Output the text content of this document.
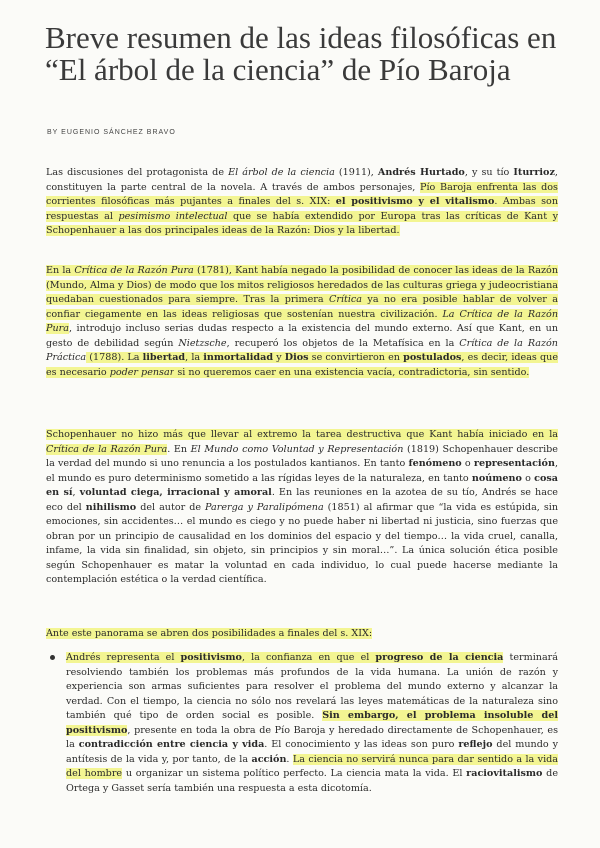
Breve resumen de las ideas filosóficas en “El árbol de la ciencia” de Pío Baroja
BY EUGENIO SÁNCHEZ BRAVO

Las discusiones del protagonista de El árbol de la ciencia (1911), Andrés Hurtado, y su tío Iturrioz, constituyen la parte central de la novela. A través de ambos personajes, Pío Baroja enfrenta las dos corrientes filosóficas más pujantes a finales del s. XIX: el positivismo y el vitalismo. Ambas son respuestas al pesimismo intelectual que se había extendido por Europa tras las críticas de Kant y Schopenhauer a las dos principales ideas de la Razón: Dios y la libertad.

En la Crítica de la Razón Pura (1781), Kant había negado la posibilidad de conocer las ideas de la Razón (Mundo, Alma y Dios) de modo que los mitos religiosos heredados de las culturas griega y judeocristiana quedaban cuestionados para siempre. Tras la primera Crítica ya no era posible hablar de volver a confiar ciegamente en las ideas religiosas que sostenían nuestra civilización. La Crítica de la Razón Pura, introdujo incluso serias dudas respecto a la existencia del mundo externo. Así que Kant, en un gesto de debilidad según Nietzsche, recuperó los objetos de la Metafísica en la Crítica de la Razón Práctica (1788). La libertad, la inmortalidad y Dios se convirtieron en postulados, es decir, ideas que es necesario poder pensar si no queremos caer en una existencia vacía, contradictoria, sin sentido.

Schopenhauer no hizo más que llevar al extremo la tarea destructiva que Kant había iniciado en la Crítica de la Razón Pura. En El Mundo como Voluntad y Representación (1819) Schopenhauer describe la verdad del mundo si uno renuncia a los postulados kantianos. En tanto fenómeno o representación, el mundo es puro determinismo sometido a las rígidas leyes de la naturaleza, en tanto noúmeno o cosa en sí, voluntad ciega, irracional y amoral. En las reuniones en la azotea de su tío, Andrés se hace eco del nihilismo del autor de Parerga y Paralipómena (1851) al afirmar que “la vida es estúpida, sin emociones, sin accidentes… el mundo es ciego y no puede haber ni libertad ni justicia, sino fuerzas que obran por un principio de causalidad en los dominios del espacio y del tiempo… la vida cruel, canalla, infame, la vida sin finalidad, sin objeto, sin principios y sin moral…”. La única solución ética posible según Schopenhauer es matar la voluntad en cada individuo, lo cual puede hacerse mediante la contemplación estética o la verdad científica.

Ante este panorama se abren dos posibilidades a finales del s. XIX:

Andrés representa el positivismo, la confianza en que el progreso de la ciencia terminará resolviendo también los problemas más profundos de la vida humana. La unión de razón y experiencia son armas suficientes para resolver el problema del mundo externo y alcanzar la verdad. Con el tiempo, la ciencia no sólo nos revelará las leyes matemáticas de la naturaleza sino también qué tipo de orden social es posible. Sin embargo, el problema insoluble del positivismo, presente en toda la obra de Pío Baroja y heredado directamente de Schopenhauer, es la contradicción entre ciencia y vida. El conocimiento y las ideas son puro reflejo del mundo y antítesis de la vida y, por tanto, de la acción. La ciencia no servirá nunca para dar sentido a la vida del hombre u organizar un sistema político perfecto. La ciencia mata la vida. El raciovitalismo de Ortega y Gasset sería también una respuesta a esta dicotomía.
